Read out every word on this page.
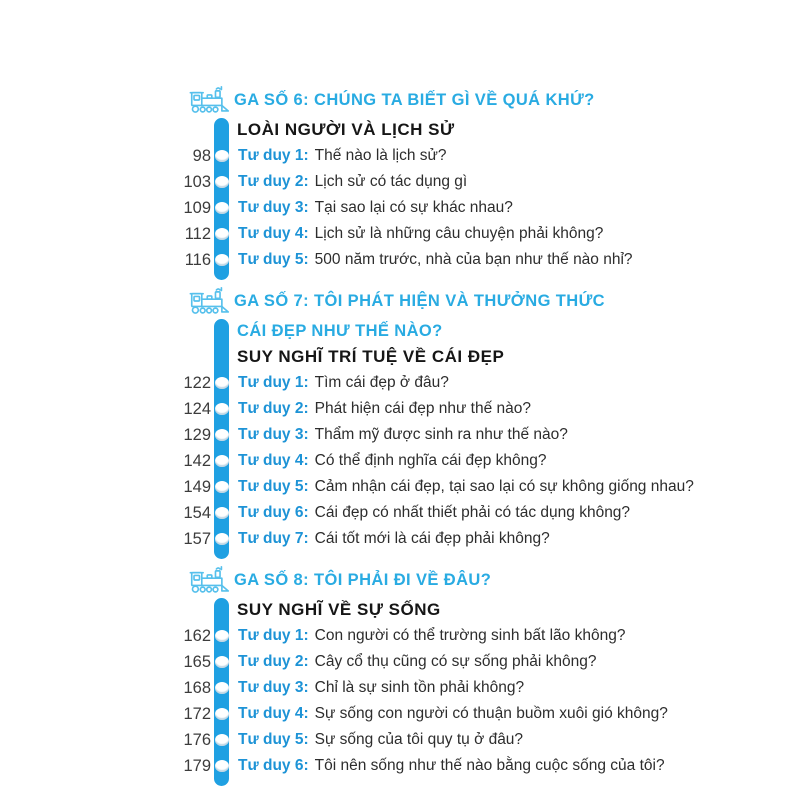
GA SỐ 6: CHÚNG TA BIẾT GÌ VỀ QUÁ KHỨ?
LOÀI NGƯỜI VÀ LỊCH SỬ
98	Tư duy 1: Thế nào là lịch sử?
103	Tư duy 2: Lịch sử có tác dụng gì
109	Tư duy 3: Tại sao lại có sự khác nhau?
112	Tư duy 4: Lịch sử là những câu chuyện phải không?
116	Tư duy 5: 500 năm trước, nhà của bạn như thế nào nhỉ?
GA SỐ 7: TÔI PHÁT HIỆN VÀ THƯỞNG THỨC
CÁI ĐẸP NHƯ THẾ NÀO?
SUY NGHĨ TRÍ TUỆ VỀ CÁI ĐẸP
122	Tư duy 1: Tìm cái đẹp ở đâu?
124	Tư duy 2: Phát hiện cái đẹp như thế nào?
129	Tư duy 3: Thẩm mỹ được sinh ra như thế nào?
142	Tư duy 4: Có thể định nghĩa cái đẹp không?
149	Tư duy 5: Cảm nhận cái đẹp, tại sao lại có sự không giống nhau?
154	Tư duy 6: Cái đẹp có nhất thiết phải có tác dụng không?
157	Tư duy 7: Cái tốt mới là cái đẹp phải không?
GA SỐ 8: TÔI PHẢI ĐI VỀ ĐÂU?
SUY NGHĨ VỀ SỰ SỐNG
162	Tư duy 1: Con người có thể trường sinh bất lão không?
165	Tư duy 2: Cây cổ thụ cũng có sự sống phải không?
168	Tư duy 3: Chỉ là sự sinh tồn phải không?
172	Tư duy 4: Sự sống con người có thuận buồm xuôi gió không?
176	Tư duy 5: Sự sống của tôi quy tụ ở đâu?
179	Tư duy 6: Tôi nên sống như thế nào bằng cuộc sống của tôi?
